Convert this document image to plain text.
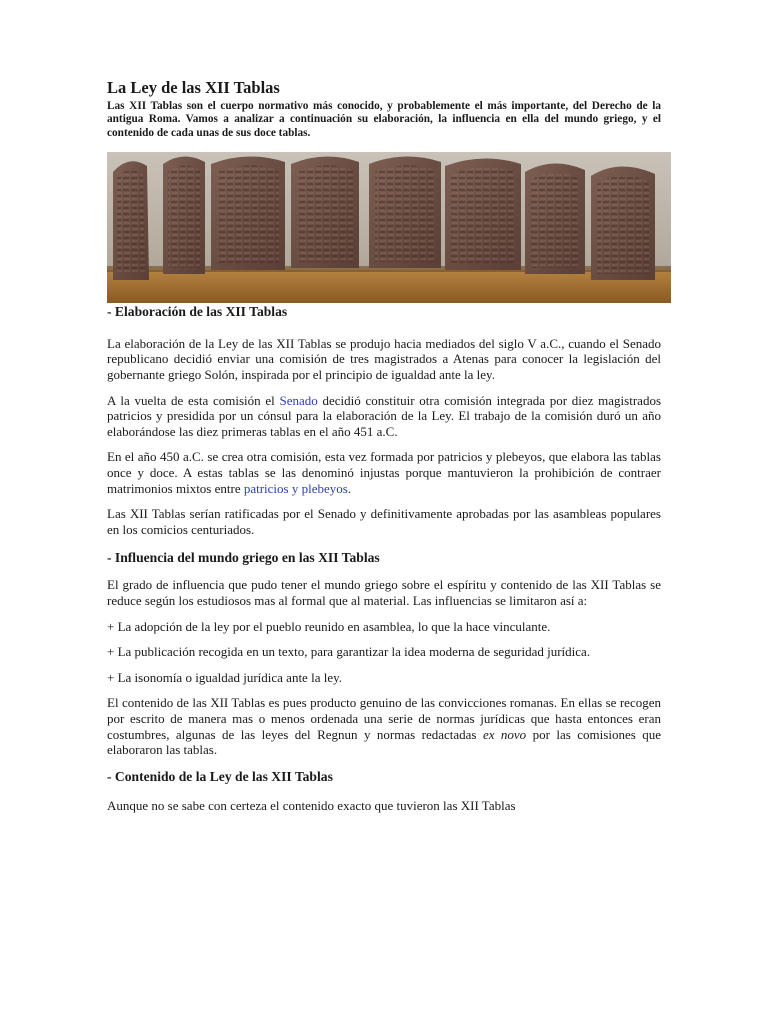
La Ley de las XII Tablas

Las XII Tablas son el cuerpo normativo más conocido, y probablemente el más importante, del Derecho de la antigua Roma. Vamos a analizar a continuación su elaboración, la influencia en ella del mundo griego, y el contenido de cada unas de sus doce tablas.

- Elaboración de las XII Tablas

La elaboración de la Ley de las XII Tablas se produjo hacia mediados del siglo V a.C., cuando el Senado republicano decidió enviar una comisión de tres magistrados a Atenas para conocer la legislación del gobernante griego Solón, inspirada por el principio de igualdad ante la ley.

A la vuelta de esta comisión el Senado decidió constituir otra comisión integrada por diez magistrados patricios y presidida por un cónsul para la elaboración de la Ley. El trabajo de la comisión duró un año elaborándose las diez primeras tablas en el año 451 a.C.

En el año 450 a.C. se crea otra comisión, esta vez formada por patricios y plebeyos, que elabora las tablas once y doce. A estas tablas se las denominó injustas porque mantuvieron la prohibición de contraer matrimonios mixtos entre patricios y plebeyos.

Las XII Tablas serían ratificadas por el Senado y definitivamente aprobadas por las asambleas populares en los comicios centuriados.

- Influencia del mundo griego en las XII Tablas

El grado de influencia que pudo tener el mundo griego sobre el espíritu y contenido de las XII Tablas se reduce según los estudiosos mas al formal que al material. Las influencias se limitaron así a:

+ La adopción de la ley por el pueblo reunido en asamblea, lo que la hace vinculante.

+ La publicación recogida en un texto, para garantizar la idea moderna de seguridad jurídica.

+ La isonomía o igualdad jurídica ante la ley.

El contenido de las XII Tablas es pues producto genuino de las convicciones romanas. En ellas se recogen por escrito de manera mas o menos ordenada una serie de normas jurídicas que hasta entonces eran costumbres, algunas de las leyes del Regnun y normas redactadas ex novo por las comisiones que elaboraron las tablas.

- Contenido de la Ley de las XII Tablas

Aunque no se sabe con certeza el contenido exacto que tuvieron las XII Tablas
